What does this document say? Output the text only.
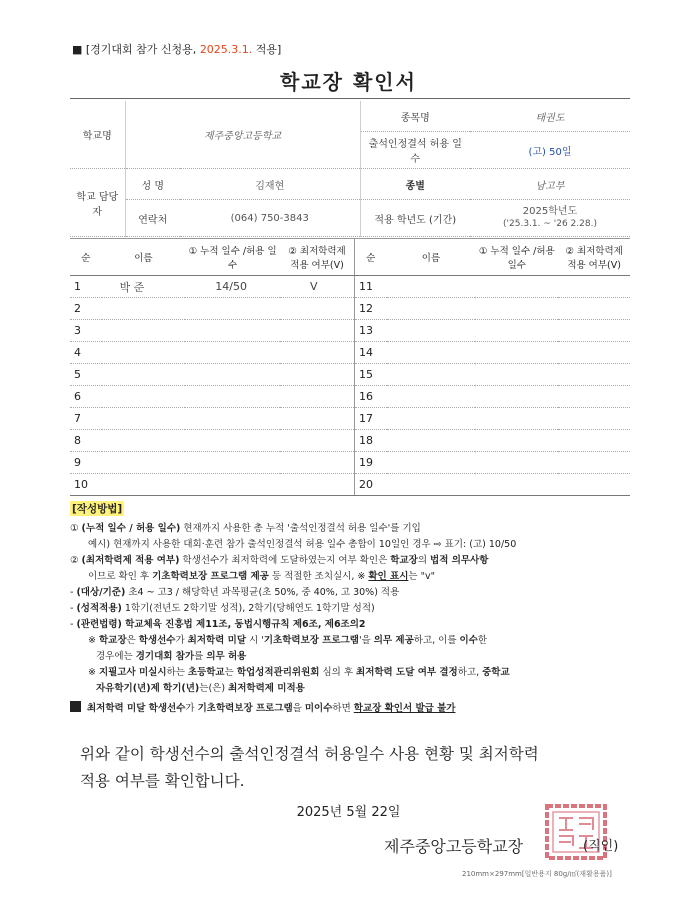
■ [경기대회 참가 신청용, 2025.3.1. 적용]
학교장 확인서
학교명	제주중앙고등학교		종목명	태권도
			출석인정결석 허용 일수	(고) 50일
학교 담당자	성 명	김재현	종별	남고부
	연락처	(064) 750-3843	적용 학년도 (기간)	2025학년도
('25.3.1. ~ '26 2.28.)
순	이름	① 누적 일수 /허용 일수	② 최저학력제 적용 여부(V)	순	이름	① 누적 일수 /허용 일수	② 최저학력제 적용 여부(V)
1	박 준	14/50	V	11			
2				12			
3				13			
4				14			
5				15			
6				16			
7				17			
8				18			
9				19			
10				20			
[작성방법]
① (누적 일수 / 허용 일수) 현재까지 사용한 총 누적 '출석인정결석 허용 일수'를 기입
예시) 현재까지 사용한 대회·훈련 참가 출석인정결석 허용 일수 총합이 10일인 경우 ⇨ 표기: (고) 10/50
② (최저학력제 적용 여부) 학생선수가 최저학력에 도달하였는지 여부 확인은 학교장의 법적 의무사항
이므로 확인 후 기초학력보장 프로그램 제공 등 적절한 조치실시, ※ 확인 표시는 "v"
- (대상/기준) 초4 ~ 고3 / 해당학년 과목평균(초 50%, 중 40%, 고 30%) 적용
- (성적적용) 1학기(전년도 2학기말 성적), 2학기(당해연도 1학기말 성적)
- (관련법령) 학교체육 진흥법 제11조, 동법시행규칙 제6조, 제6조의2
※ 학교장은 학생선수가 최저학력 미달 시 '기초학력보장 프로그램'을 의무 제공하고, 이를 이수한
경우에는 경기대회 참가를 의무 허용
※ 지필고사 미실시하는 초등학교는 학업성적관리위원회 심의 후 최저학력 도달 여부 결정하고, 중학교
자유학기(년)제 학기(년)는(은) 최저학력제 미적용
최저학력 미달 학생선수가 기초학력보장 프로그램을 미이수하면 학교장 확인서 발급 불가
위와 같이 학생선수의 출석인정결석 허용일수 사용 현황 및 최저학력
적용 여부를 확인합니다.
2025년 5월 22일
제주중앙고등학교장	(직인)
210mm×297mm[일반용지 80g/㎡(재활용품)]
